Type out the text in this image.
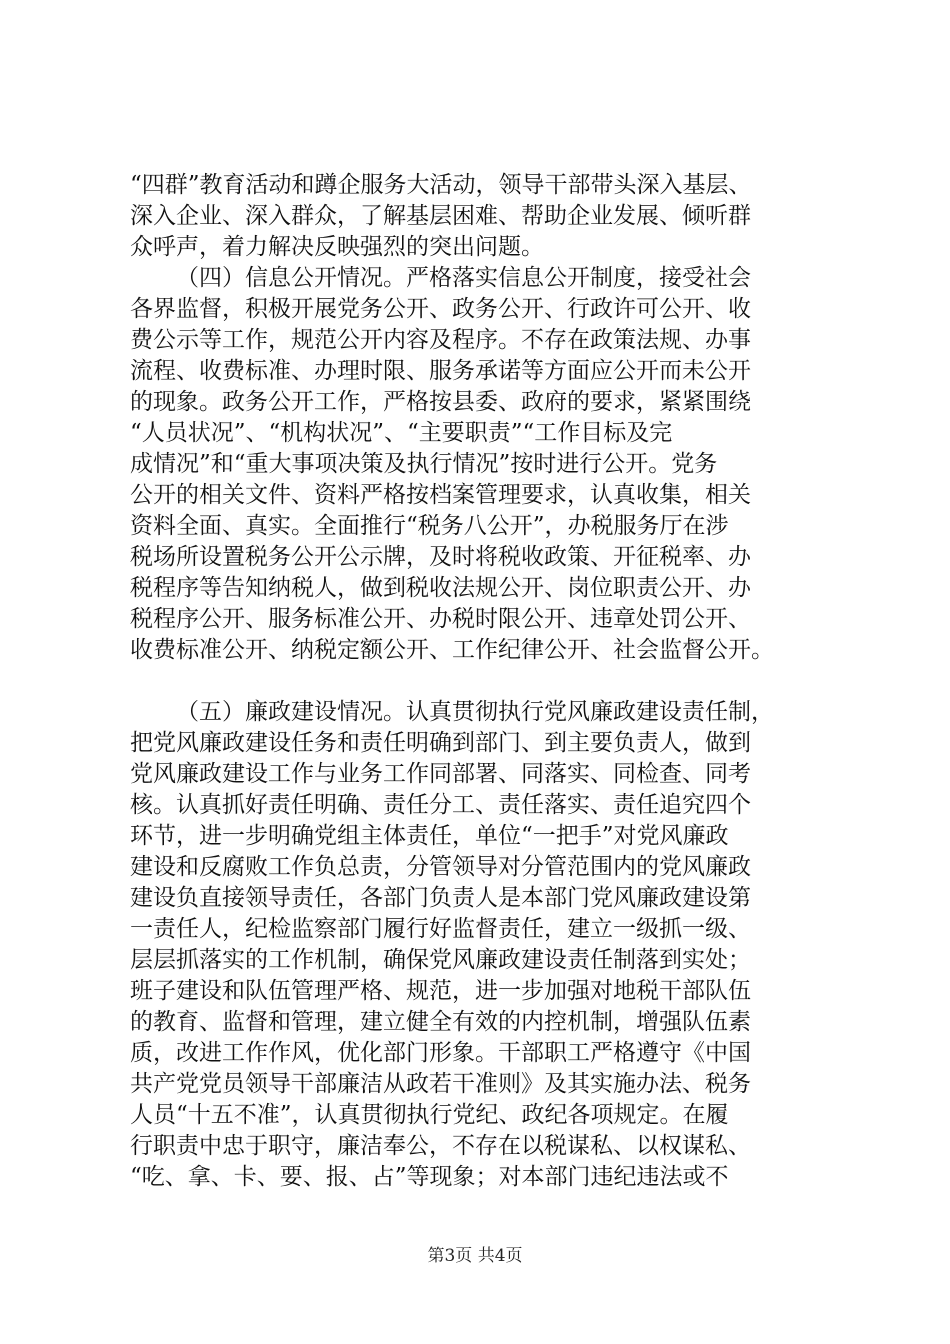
“四群”教育活动和蹲企服务大活动，领导干部带头深入基层、
深入企业、深入群众，了解基层困难、帮助企业发展、倾听群
众呼声，着力解决反映强烈的突出问题。
（四）信息公开情况。严格落实信息公开制度，接受社会
各界监督，积极开展党务公开、政务公开、行政许可公开、收
费公示等工作，规范公开内容及程序。不存在政策法规、办事
流程、收费标准、办理时限、服务承诺等方面应公开而未公开
的现象。政务公开工作，严格按县委、政府的要求，紧紧围绕
“人员状况”、“机构状况”、“主要职责”“工作目标及完
成情况”和“重大事项决策及执行情况”按时进行公开。党务
公开的相关文件、资料严格按档案管理要求，认真收集，相关
资料全面、真实。全面推行“税务八公开”，办税服务厅在涉
税场所设置税务公开公示牌，及时将税收政策、开征税率、办
税程序等告知纳税人，做到税收法规公开、岗位职责公开、办
税程序公开、服务标准公开、办税时限公开、违章处罚公开、
收费标准公开、纳税定额公开、工作纪律公开、社会监督公开。
（五）廉政建设情况。认真贯彻执行党风廉政建设责任制，
把党风廉政建设任务和责任明确到部门、到主要负责人，做到
党风廉政建设工作与业务工作同部署、同落实、同检查、同考
核。认真抓好责任明确、责任分工、责任落实、责任追究四个
环节，进一步明确党组主体责任，单位“一把手”对党风廉政
建设和反腐败工作负总责，分管领导对分管范围内的党风廉政
建设负直接领导责任，各部门负责人是本部门党风廉政建设第
一责任人，纪检监察部门履行好监督责任，建立一级抓一级、
层层抓落实的工作机制，确保党风廉政建设责任制落到实处；
班子建设和队伍管理严格、规范，进一步加强对地税干部队伍
的教育、监督和管理，建立健全有效的内控机制，增强队伍素
质，改进工作作风，优化部门形象。干部职工严格遵守《中国
共产党党员领导干部廉洁从政若干准则》及其实施办法、税务
人员“十五不准”，认真贯彻执行党纪、政纪各项规定。在履
行职责中忠于职守，廉洁奉公，不存在以税谋私、以权谋私、
“吃、拿、卡、要、报、占”等现象；对本部门违纪违法或不
第3页 共4页
